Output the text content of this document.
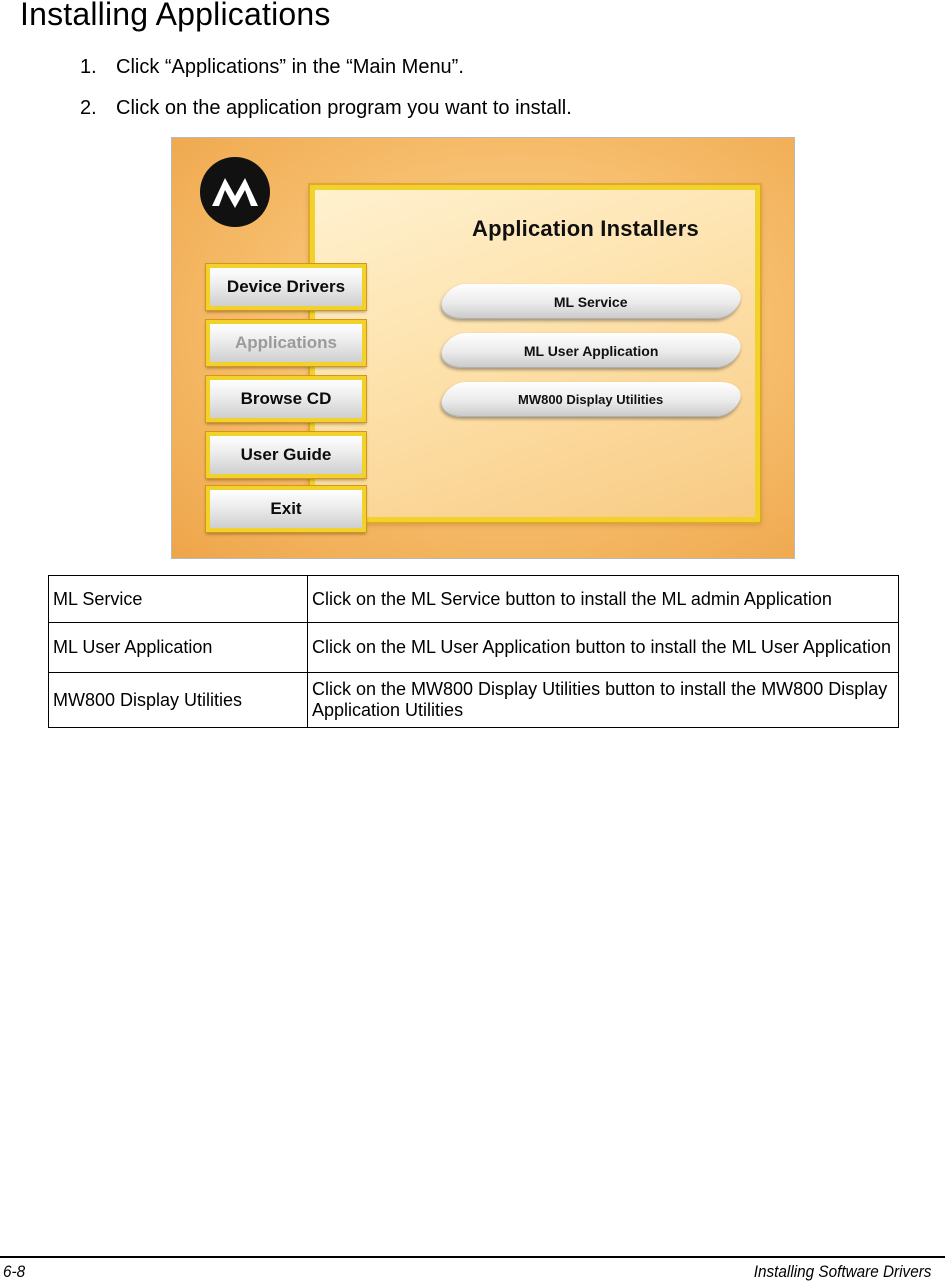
Installing Applications
1. Click “Applications” in the “Main Menu”.
2. Click on the application program you want to install.
Application Installers
Device Drivers
Applications
Browse CD
User Guide
Exit
ML Service
ML User Application
MW800 Display Utilities
ML Service	Click on the ML Service button to install the ML admin Application
ML User Application	Click on the ML User Application button to install the ML User Application
MW800 Display Utilities	Click on the MW800 Display Utilities button to install the MW800 Display Application Utilities
6-8	Installing Software Drivers
